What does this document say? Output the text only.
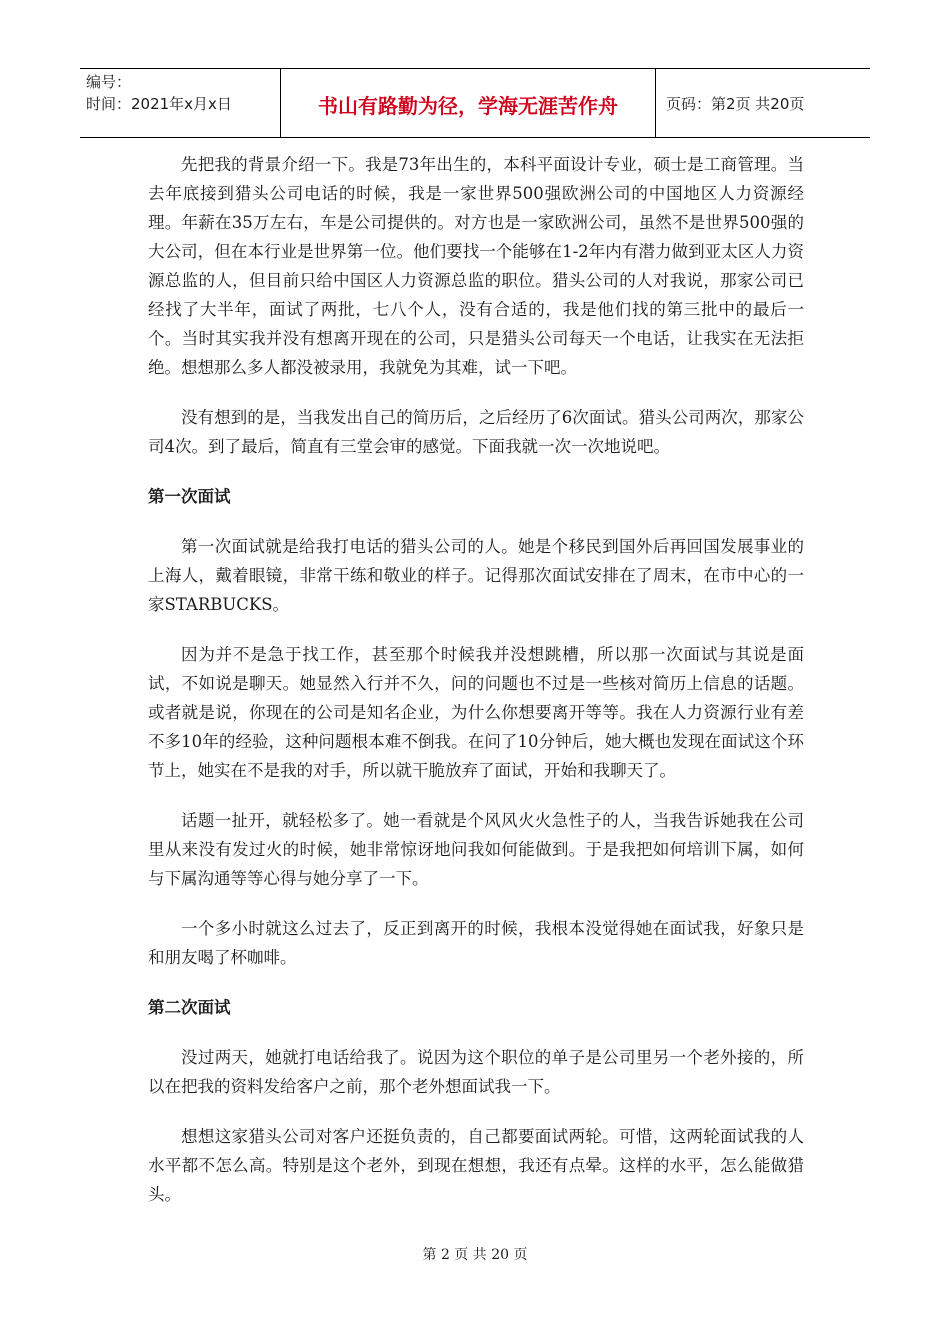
编号：
时间：2021年x月x日	书山有路勤为径，学海无涯苦作舟	页码：第2页 共20页

先把我的背景介绍一下。我是73年出生的，本科平面设计专业，硕士是工商管理。当去年底接到猎头公司电话的时候，我是一家世界500强欧洲公司的中国地区人力资源经理。年薪在35万左右，车是公司提供的。对方也是一家欧洲公司，虽然不是世界500强的大公司，但在本行业是世界第一位。他们要找一个能够在1-2年内有潜力做到亚太区人力资源总监的人，但目前只给中国区人力资源总监的职位。猎头公司的人对我说，那家公司已经找了大半年，面试了两批，七八个人，没有合适的，我是他们找的第三批中的最后一个。当时其实我并没有想离开现在的公司，只是猎头公司每天一个电话，让我实在无法拒绝。想想那么多人都没被录用，我就免为其难，试一下吧。

没有想到的是，当我发出自己的简历后，之后经历了6次面试。猎头公司两次，那家公司4次。到了最后，简直有三堂会审的感觉。下面我就一次一次地说吧。

第一次面试

第一次面试就是给我打电话的猎头公司的人。她是个移民到国外后再回国发展事业的上海人，戴着眼镜，非常干练和敬业的样子。记得那次面试安排在了周末，在市中心的一家STARBUCKS。

因为并不是急于找工作，甚至那个时候我并没想跳槽，所以那一次面试与其说是面试，不如说是聊天。她显然入行并不久，问的问题也不过是一些核对简历上信息的话题。或者就是说，你现在的公司是知名企业，为什么你想要离开等等。我在人力资源行业有差不多10年的经验，这种问题根本难不倒我。在问了10分钟后，她大概也发现在面试这个环节上，她实在不是我的对手，所以就干脆放弃了面试，开始和我聊天了。

话题一扯开，就轻松多了。她一看就是个风风火火急性子的人，当我告诉她我在公司里从来没有发过火的时候，她非常惊讶地问我如何能做到。于是我把如何培训下属，如何与下属沟通等等心得与她分享了一下。

一个多小时就这么过去了，反正到离开的时候，我根本没觉得她在面试我，好象只是和朋友喝了杯咖啡。

第二次面试

没过两天，她就打电话给我了。说因为这个职位的单子是公司里另一个老外接的，所以在把我的资料发给客户之前，那个老外想面试我一下。

想想这家猎头公司对客户还挺负责的，自己都要面试两轮。可惜，这两轮面试我的人水平都不怎么高。特别是这个老外，到现在想想，我还有点晕。这样的水平，怎么能做猎头。

第 2 页 共 20 页
